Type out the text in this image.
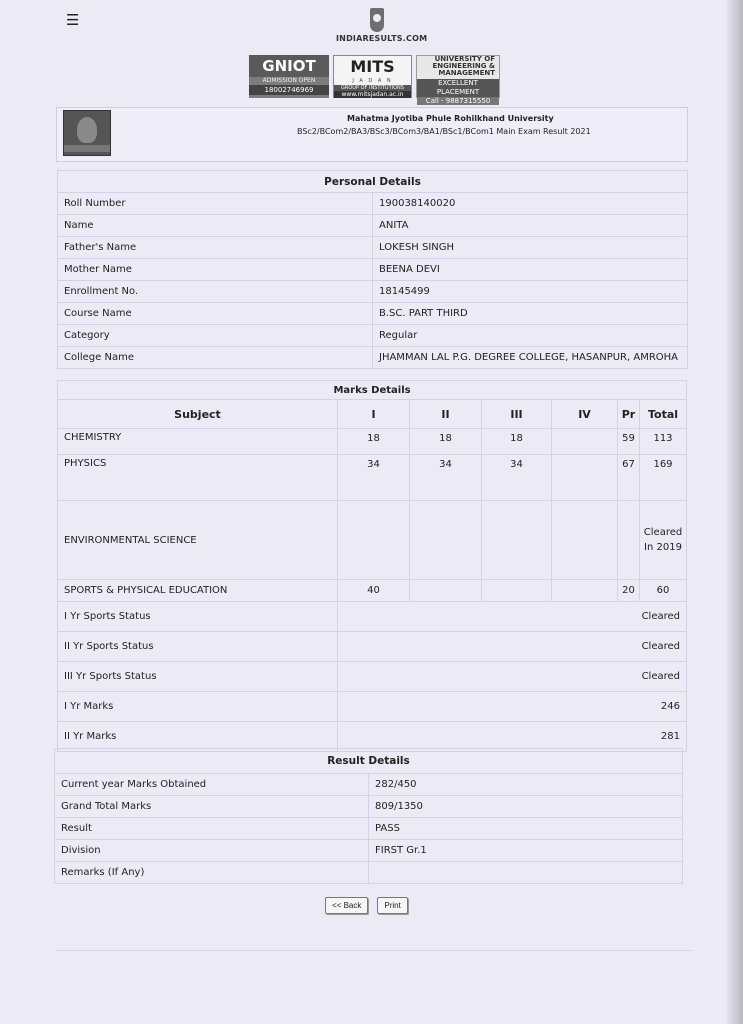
☰
INDIARESULTS.COM
GNIOT
ADMISSION OPEN
18002746969
MITS
J A D A N
GROUP OF INSTITUTIONS
www.mitsjadan.ac.in
UNIVERSITY OF ENGINEERING & MANAGEMENT
EXCELLENT PLACEMENT
Call - 9887315550
Mahatma Jyotiba Phule Rohilkhand University
BSc2/BCom2/BA3/BSc3/BCom3/BA1/BSc1/BCom1 Main Exam Result 2021
Personal Details	
Roll Number	190038140020
Name	ANITA
Father's Name	LOKESH SINGH
Mother Name	BEENA DEVI
Enrollment No.	18145499
Course Name	B.SC. PART THIRD
Category	Regular
College Name	JHAMMAN LAL P.G. DEGREE COLLEGE, HASANPUR, AMROHA
Marks Details						
Subject	I	II	III	IV	Pr	Total
CHEMISTRY	18	18	18		59	113
PHYSICS	34	34	34		67	169
ENVIRONMENTAL SCIENCE						Cleared In 2019
SPORTS & PHYSICAL EDUCATION	40				20	60
I Yr Sports Status	Cleared					
II Yr Sports Status	Cleared					
III Yr Sports Status	Cleared					
I Yr Marks	246					
II Yr Marks	281					
Result Details	
Current year Marks Obtained	282/450
Grand Total Marks	809/1350
Result	PASS
Division	FIRST Gr.1
Remarks (If Any)	
<< Back	Print
